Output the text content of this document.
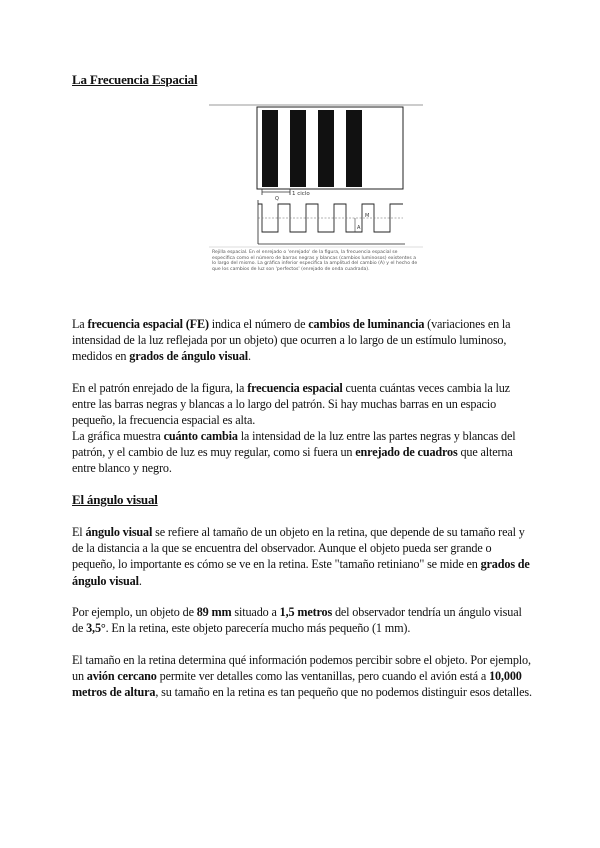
La Frecuencia Espacial
1 ciclo
Q
M
A
Rejilla espacial. En el enrejado o 'enrejado' de la figura, la frecuencia espacial se especifica como el número de barras negras y blancas (cambios luminosos) existentes a lo largo del mismo. La gráfica inferior especifica la amplitud del cambio (A) y el hecho de que los cambios de luz son 'perfectos' (enrejado de onda cuadrada).

La frecuencia espacial (FE) indica el número de cambios de luminancia (variaciones en la intensidad de la luz reflejada por un objeto) que ocurren a lo largo de un estímulo luminoso, medidos en grados de ángulo visual.

En el patrón enrejado de la figura, la frecuencia espacial cuenta cuántas veces cambia la luz entre las barras negras y blancas a lo largo del patrón. Si hay muchas barras en un espacio pequeño, la frecuencia espacial es alta.

La gráfica muestra cuánto cambia la intensidad de la luz entre las partes negras y blancas del patrón, y el cambio de luz es muy regular, como si fuera un enrejado de cuadros que alterna entre blanco y negro.

El ángulo visual

El ángulo visual se refiere al tamaño de un objeto en la retina, que depende de su tamaño real y de la distancia a la que se encuentra del observador. Aunque el objeto pueda ser grande o pequeño, lo importante es cómo se ve en la retina. Este "tamaño retiniano" se mide en grados de ángulo visual.

Por ejemplo, un objeto de 89 mm situado a 1,5 metros del observador tendría un ángulo visual de 3,5°. En la retina, este objeto parecería mucho más pequeño (1 mm).

El tamaño en la retina determina qué información podemos percibir sobre el objeto. Por ejemplo, un avión cercano permite ver detalles como las ventanillas, pero cuando el avión está a 10,000 metros de altura, su tamaño en la retina es tan pequeño que no podemos distinguir esos detalles.
